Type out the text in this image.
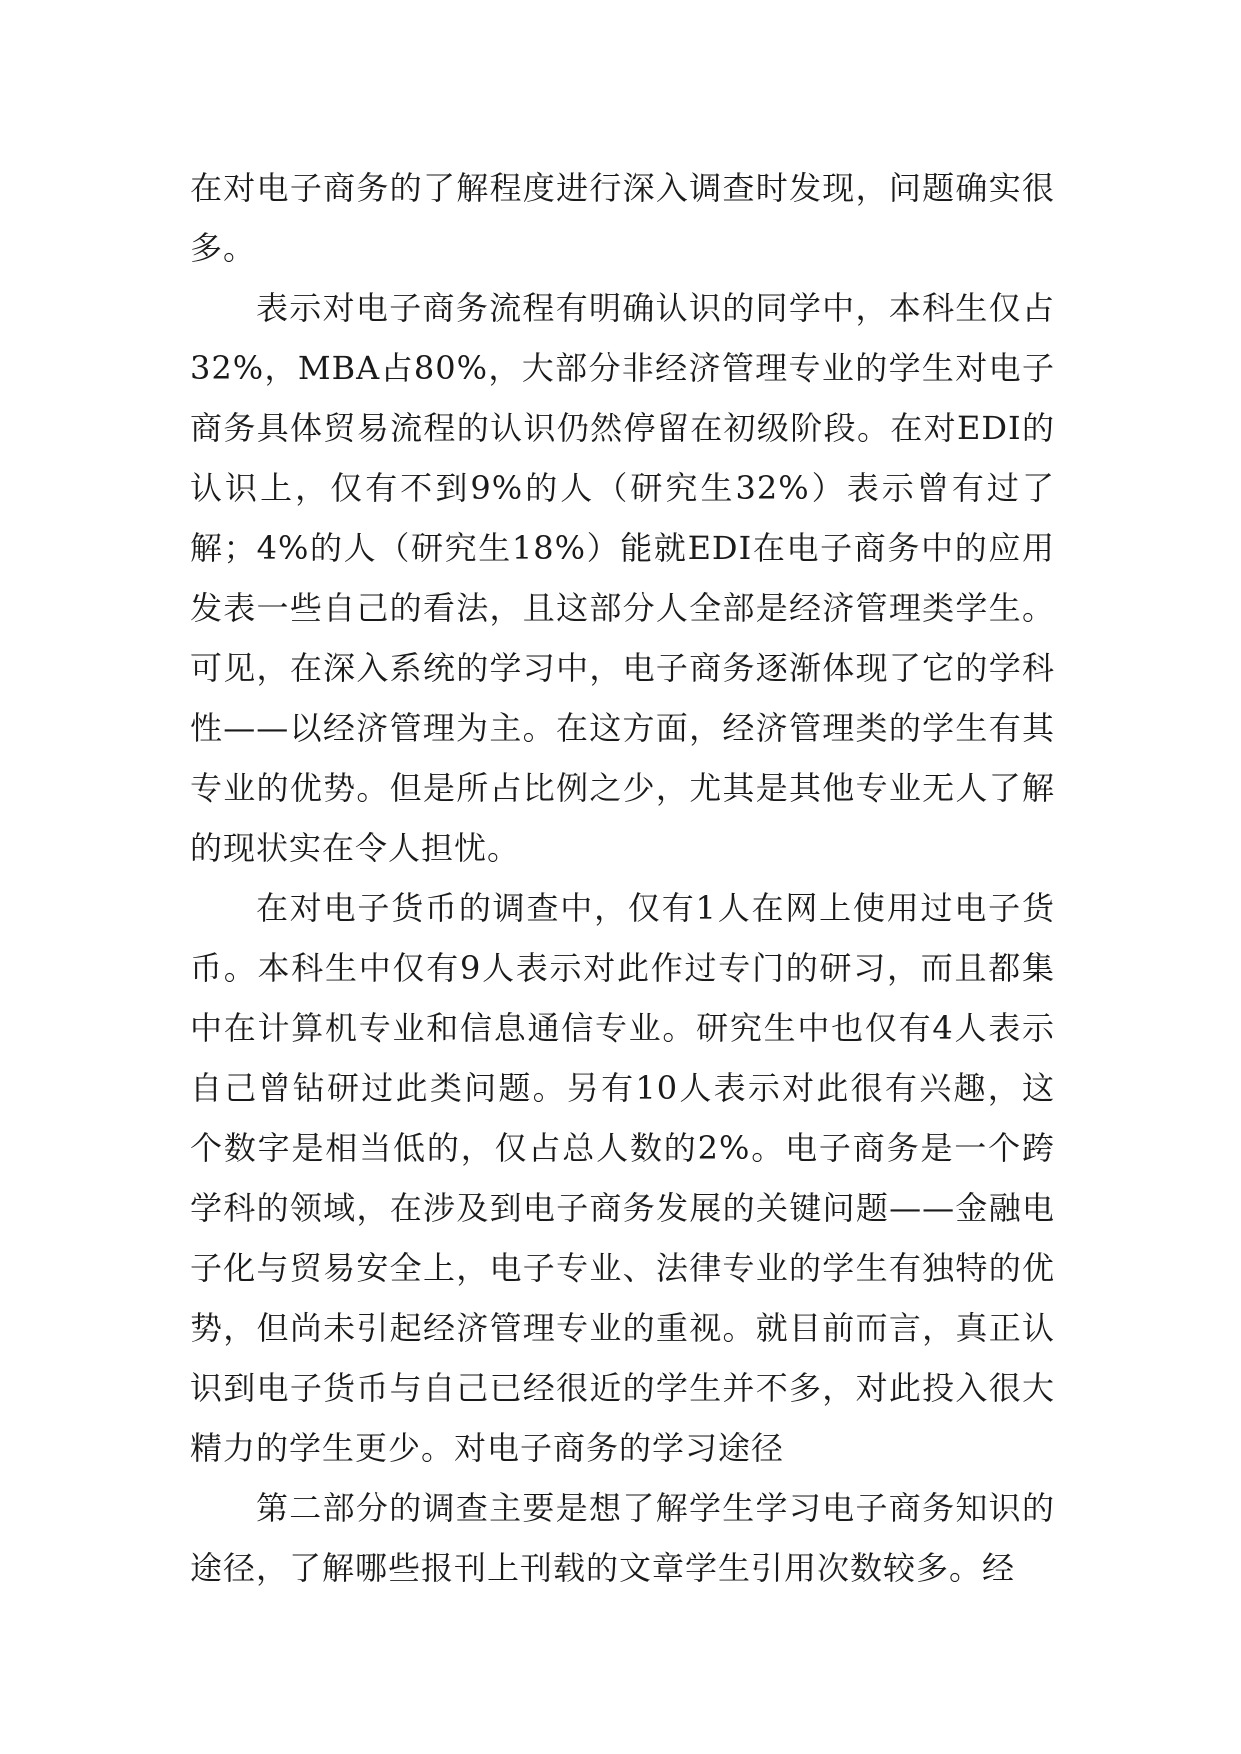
在对电子商务的了解程度进行深入调查时发现，问题确实很多。

表示对电子商务流程有明确认识的同学中，本科生仅占32%，MBA占80%，大部分非经济管理专业的学生对电子商务具体贸易流程的认识仍然停留在初级阶段。在对EDI的认识上，仅有不到9%的人（研究生32%）表示曾有过了解；4%的人（研究生18%）能就EDI在电子商务中的应用发表一些自己的看法，且这部分人全部是经济管理类学生。可见，在深入系统的学习中，电子商务逐渐体现了它的学科性——以经济管理为主。在这方面，经济管理类的学生有其专业的优势。但是所占比例之少，尤其是其他专业无人了解的现状实在令人担忧。

在对电子货币的调查中，仅有1人在网上使用过电子货币。本科生中仅有9人表示对此作过专门的研习，而且都集中在计算机专业和信息通信专业。研究生中也仅有4人表示自己曾钻研过此类问题。另有10人表示对此很有兴趣，这个数字是相当低的，仅占总人数的2%。电子商务是一个跨学科的领域，在涉及到电子商务发展的关键问题——金融电子化与贸易安全上，电子专业、法律专业的学生有独特的优势，但尚未引起经济管理专业的重视。就目前而言，真正认识到电子货币与自己已经很近的学生并不多，对此投入很大精力的学生更少。对电子商务的学习途径

第二部分的调查主要是想了解学生学习电子商务知识的途径，了解哪些报刊上刊载的文章学生引用次数较多。经
